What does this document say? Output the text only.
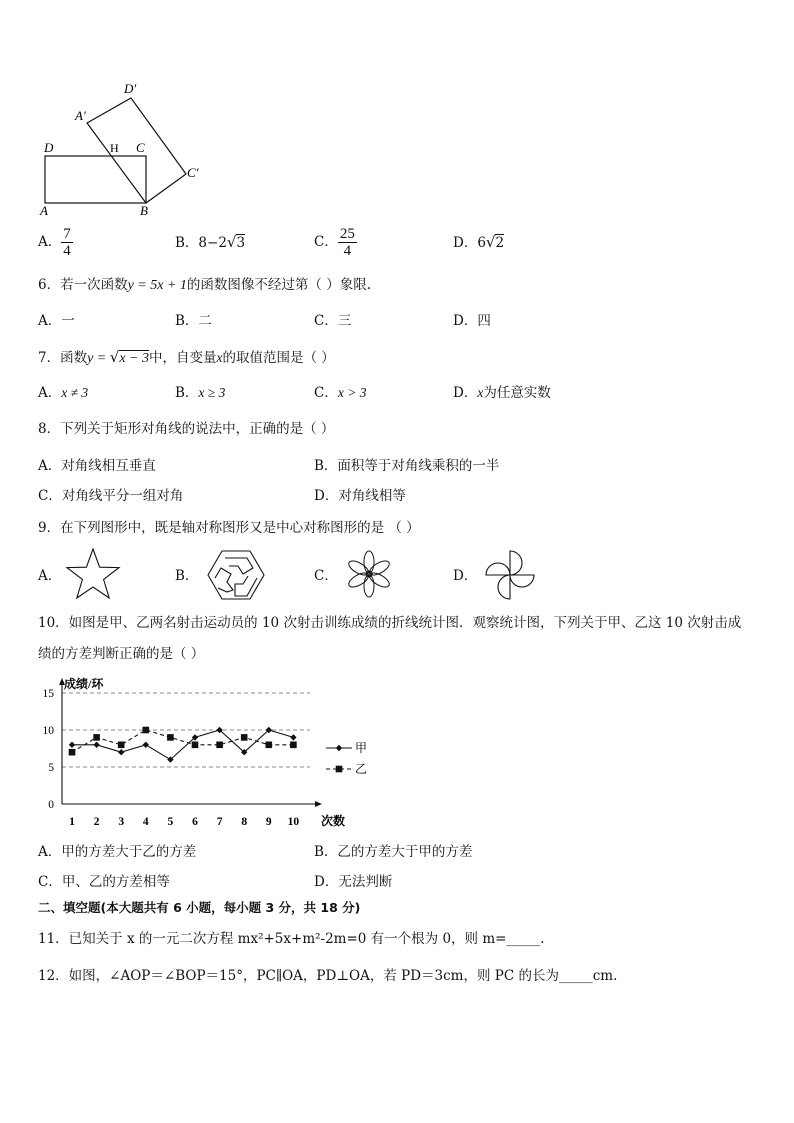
D	H C
A	B
A′
D′
C′
A． $\frac{7}{4}$	B．8−2√3	C． $\frac{25}{4}$	D．6√2
6．若一次函数y = 5x + 1的函数图像不经过第（ ）象限.
A．一	B．二	C．三	D．四
7．函数y = √x − 3中，自变量x的取值范围是（ ）
A．x ≠ 3	B．x ≥ 3	C．x > 3	D．x为任意实数
8．下列关于矩形对角线的说法中，正确的是（ ）
A．对角线相互垂直	B．面积等于对角线乘积的一半
C．对角线平分一组对角	D．对角线相等
9．在下列图形中，既是轴对称图形又是中心对称图形的是 （ ）
A．	B．	C．	D．
10．如图是甲、乙两名射击运动员的 10 次射击训练成绩的折线统计图．观察统计图，下列关于甲、乙这 10 次射击成
绩的方差判断正确的是（ ）
成绩/环
次数
0
5
10
15
1 2 3 4 5 6 7 8 9 10
甲
乙
A．甲的方差大于乙的方差	B．乙的方差大于甲的方差
C．甲、乙的方差相等	D．无法判断
二、填空题(本大题共有 6 小题，每小题 3 分，共 18 分)
11．已知关于 x 的一元二次方程 mx²+5x+m²-2m=0 有一个根为 0，则 m=_____.
12．如图，∠AOP＝∠BOP＝15°，PC∥OA，PD⊥OA，若 PD＝3cm，则 PC 的长为_____cm.
